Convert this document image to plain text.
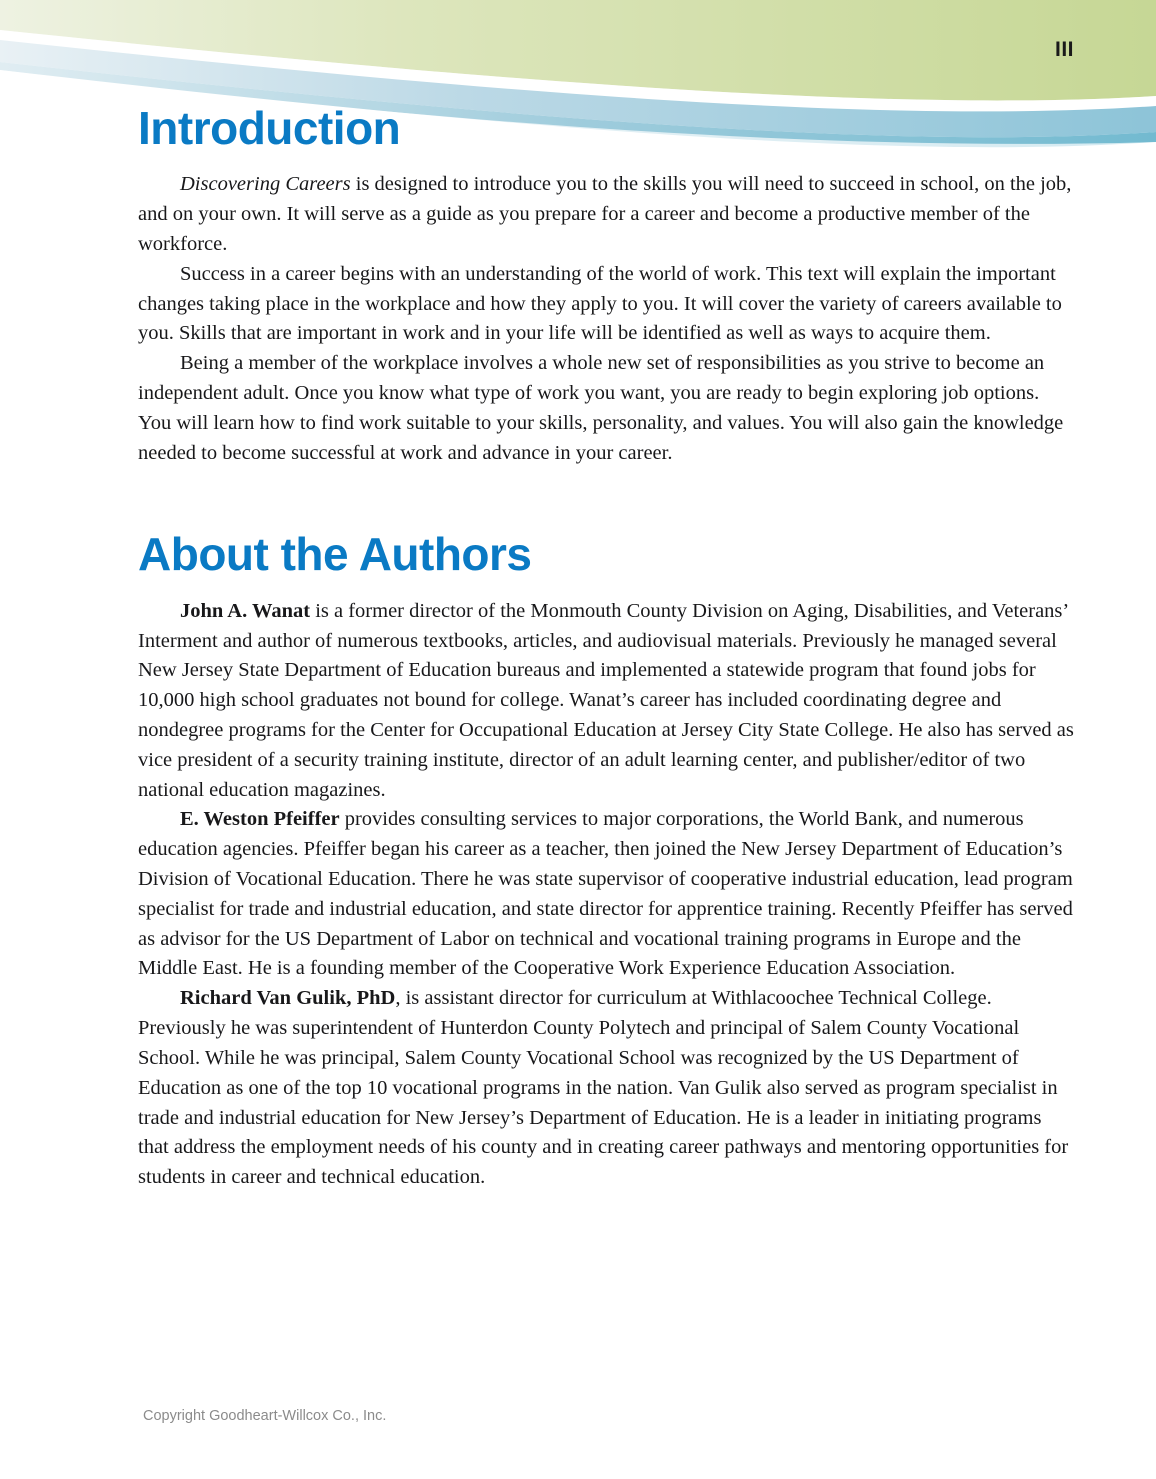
III
Introduction

Discovering Careers is designed to introduce you to the skills you will need to succeed in school, on the job, and on your own. It will serve as a guide as you prepare for a career and become a productive member of the workforce.

Success in a career begins with an understanding of the world of work. This text will explain the important changes taking place in the workplace and how they apply to you. It will cover the variety of careers available to you. Skills that are important in work and in your life will be identified as well as ways to acquire them.

Being a member of the workplace involves a whole new set of responsibilities as you strive to become an independent adult. Once you know what type of work you want, you are ready to begin exploring job options. You will learn how to find work suitable to your skills, personality, and values. You will also gain the knowledge needed to become successful at work and advance in your career.

About the Authors

John A. Wanat is a former director of the Monmouth County Division on Aging, Disabilities, and Veterans’ Interment and author of numerous textbooks, articles, and audiovisual materials. Previously he managed several New Jersey State Department of Education bureaus and implemented a statewide program that found jobs for 10,000 high school graduates not bound for college. Wanat’s career has included coordinating degree and nondegree programs for the Center for Occupational Education at Jersey City State College. He also has served as vice president of a security training institute, director of an adult learning center, and publisher/editor of two national education magazines.

E. Weston Pfeiffer provides consulting services to major corporations, the World Bank, and numerous education agencies. Pfeiffer began his career as a teacher, then joined the New Jersey Department of Education’s Division of Vocational Education. There he was state supervisor of cooperative industrial education, lead program specialist for trade and industrial education, and state director for apprentice training. Recently Pfeiffer has served as advisor for the US Department of Labor on technical and vocational training programs in Europe and the Middle East. He is a founding member of the Cooperative Work Experience Education Association.

Richard Van Gulik, PhD, is assistant director for curriculum at Withlacoochee Technical College. Previously he was superintendent of Hunterdon County Polytech and principal of Salem County Vocational School. While he was principal, Salem County Vocational School was recognized by the US Department of Education as one of the top 10 vocational programs in the nation. Van Gulik also served as program specialist in trade and industrial education for New Jersey’s Department of Education. He is a leader in initiating programs that address the employment needs of his county and in creating career pathways and mentoring opportunities for students in career and technical education.

Copyright Goodheart-Willcox Co., Inc.
